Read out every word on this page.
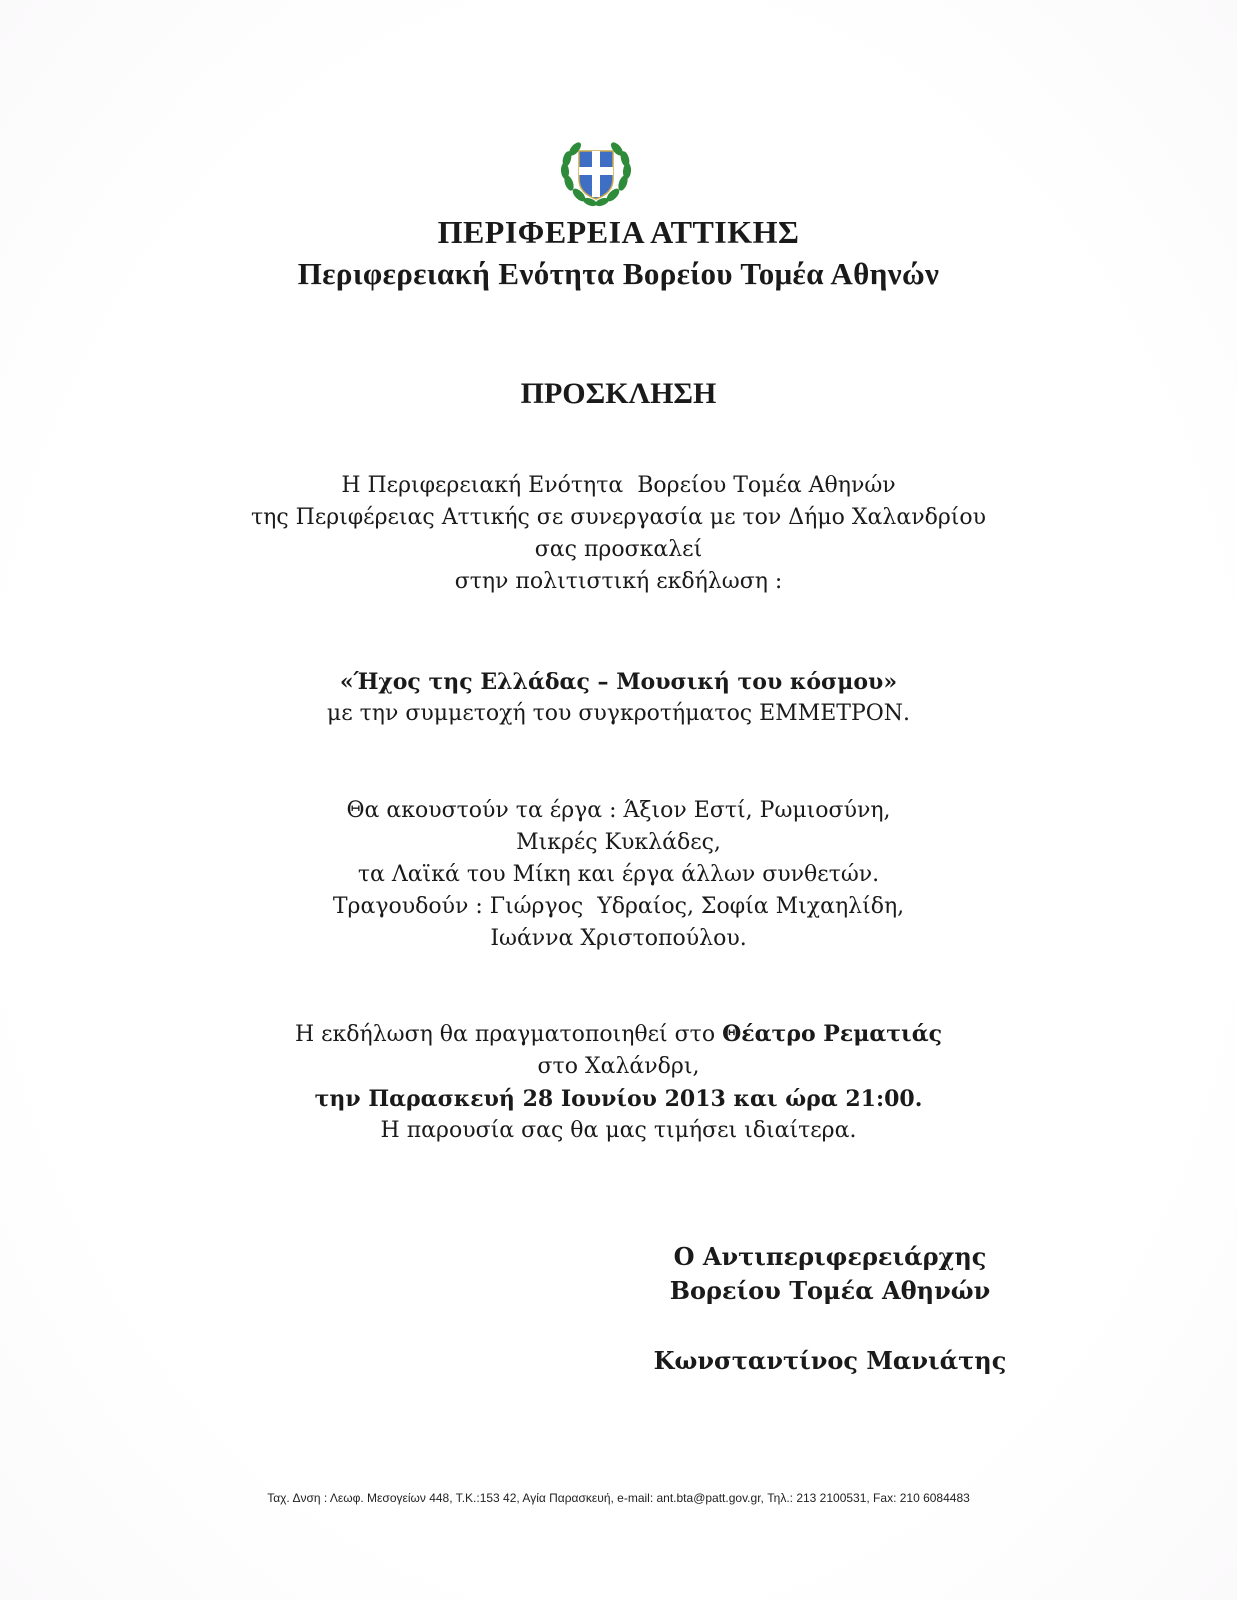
ΠΕΡΙΦΕΡΕΙΑ ΑΤΤΙΚΗΣ
Περιφερειακή Ενότητα Βορείου Τομέα Αθηνών
ΠΡΟΣΚΛΗΣΗ
Η Περιφερειακή Ενότητα  Βορείου Τομέα Αθηνών
της Περιφέρειας Αττικής σε συνεργασία με τον Δήμο Χαλανδρίου
σας προσκαλεί
στην πολιτιστική εκδήλωση :
«Ήχος της Ελλάδας – Μουσική του κόσμου»
με την συμμετοχή του συγκροτήματος ΕΜΜΕΤΡΟΝ.
Θα ακουστούν τα έργα : Άξιον Εστί, Ρωμιοσύνη,
Μικρές Κυκλάδες,
τα Λαϊκά του Μίκη και έργα άλλων συνθετών.
Τραγουδούν : Γιώργος  Υδραίος, Σοφία Μιχαηλίδη,
Ιωάννα Χριστοπούλου.
Η εκδήλωση θα πραγματοποιηθεί στο Θέατρο Ρεματιάς
στο Χαλάνδρι,
την Παρασκευή 28 Ιουνίου 2013 και ώρα 21:00.
Η παρουσία σας θα μας τιμήσει ιδιαίτερα.
Ο Αντιπεριφερειάρχης
Βορείου Τομέα Αθηνών
Κωνσταντίνος Μανιάτης
Ταχ. Δνση : Λεωφ. Μεσογείων 448, Τ.Κ.:153 42, Αγία Παρασκευή, e-mail: ant.bta@patt.gov.gr, Τηλ.: 213 2100531, Fax: 210 6084483
